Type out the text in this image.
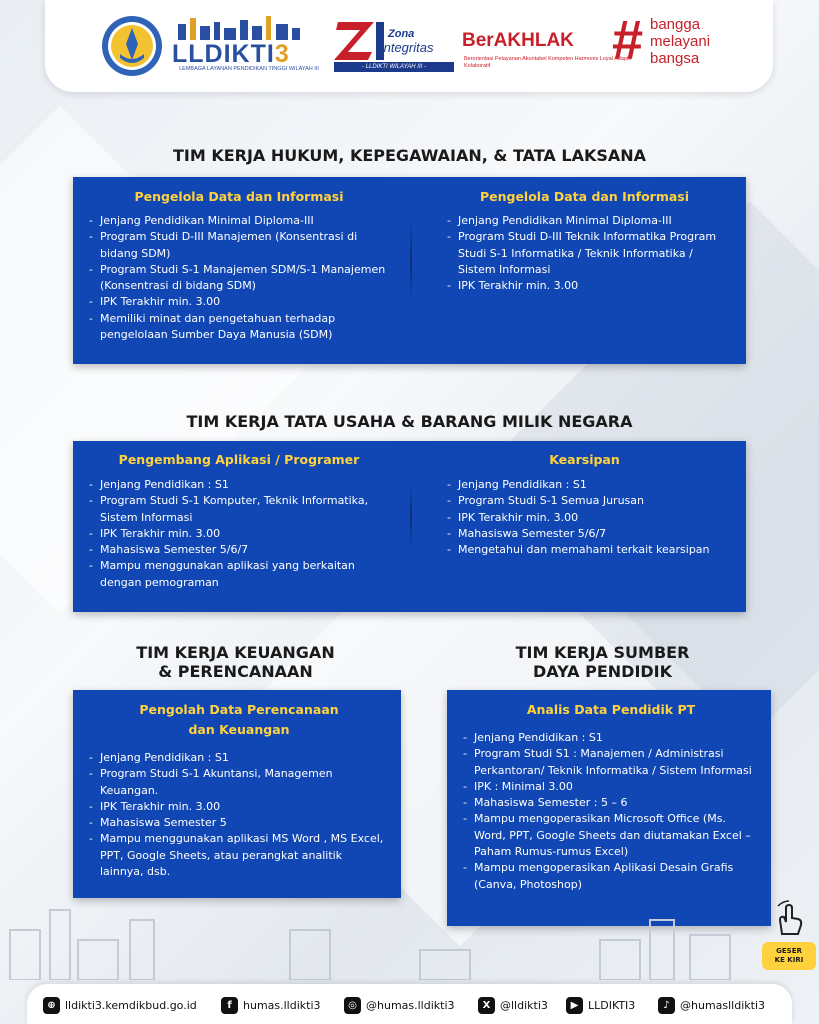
LLDIKTI3
LEMBAGA LAYANAN PENDIDIKAN TINGGI WILAYAH III
Zona
Integritas
- LLDIKTI WILAYAH III -
BerAKHLAK
Berorientasi Pelayanan Akuntabel Kompeten Harmonis Loyal Adaptif Kolaboratif	# bangga
melayani
bangsa
TIM KERJA HUKUM, KEPEGAWAIAN, & TATA LAKSANA
Pengelola Data dan Informasi
- Jenjang Pendidikan Minimal Diploma-III
- Program Studi D-III Manajemen (Konsentrasi di bidang SDM)
- Program Studi S-1 Manajemen SDM/S-1 Manajemen (Konsentrasi di bidang SDM)
- IPK Terakhir min. 3.00
- Memiliki minat dan pengetahuan terhadap pengelolaan Sumber Daya Manusia (SDM)
Pengelola Data dan Informasi
- Jenjang Pendidikan Minimal Diploma-III
- Program Studi D-III Teknik Informatika Program Studi S-1 Informatika / Teknik Informatika / Sistem Informasi
- IPK Terakhir min. 3.00
TIM KERJA TATA USAHA & BARANG MILIK NEGARA
Pengembang Aplikasi / Programer
- Jenjang Pendidikan : S1
- Program Studi S-1 Komputer, Teknik Informatika, Sistem Informasi
- IPK Terakhir min. 3.00
- Mahasiswa Semester 5/6/7
- Mampu menggunakan aplikasi yang berkaitan dengan pemograman
Kearsipan
- Jenjang Pendidikan : S1
- Program Studi S-1 Semua Jurusan
- IPK Terakhir min. 3.00
- Mahasiswa Semester 5/6/7
- Mengetahui dan memahami terkait kearsipan
TIM KERJA KEUANGAN
& PERENCANAAN
Pengolah Data Perencanaan
dan Keuangan
- Jenjang Pendidikan : S1
- Program Studi S-1 Akuntansi, Managemen Keuangan.
- IPK Terakhir min. 3.00
- Mahasiswa Semester 5
- Mampu menggunakan aplikasi MS Word , MS Excel, PPT, Google Sheets, atau perangkat analitik lainnya, dsb.
TIM KERJA SUMBER
DAYA PENDIDIK
Analis Data Pendidik PT
- Jenjang Pendidikan : S1
- Program Studi S1 : Manajemen / Administrasi Perkantoran/ Teknik Informatika / Sistem Informasi
- IPK : Minimal 3.00
- Mahasiswa Semester : 5 – 6
- Mampu mengoperasikan Microsoft Office (Ms. Word, PPT, Google Sheets dan diutamakan Excel – Paham Rumus-rumus Excel)
- Mampu mengoperasikan Aplikasi Desain Grafis (Canva, Photoshop)
GESER
KE KIRI
⊕ lldikti3.kemdikbud.go.id	f	humas.lldikti3	◎ @humas.lldikti3	X @lldikti3	▶ LLDIKTI3	♪ @humaslldikti3
